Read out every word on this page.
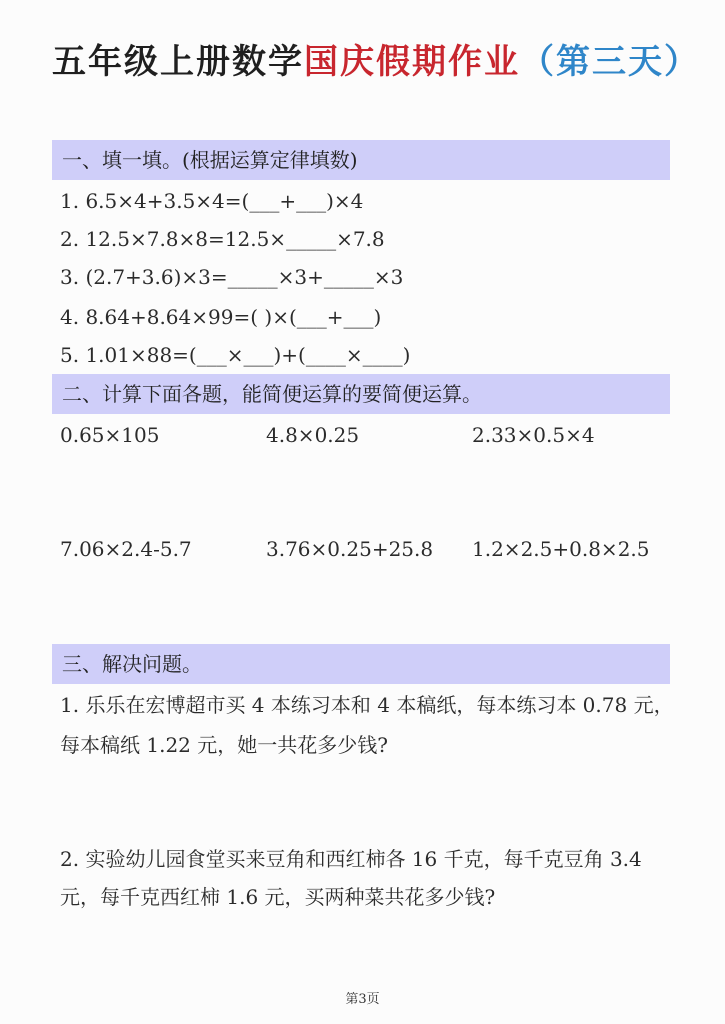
五年级上册数学国庆假期作业（第三天）
一、填一填。(根据运算定律填数)
1. 6.5×4+3.5×4=(___+___)×4
2. 12.5×7.8×8=12.5×_____×7.8
3. (2.7+3.6)×3=_____×3+_____×3
4. 8.64+8.64×99=( )×(___+___)
5. 1.01×88=(___×___)+(____×____)
二、计算下面各题，能简便运算的要简便运算。
0.65×105	4.8×0.25	2.33×0.5×4
7.06×2.4-5.7	3.76×0.25+25.8 1.2×2.5+0.8×2.5
三、解决问题。
1. 乐乐在宏博超市买 4 本练习本和 4 本稿纸，每本练习本 0.78 元，
每本稿纸 1.22 元，她一共花多少钱?
2. 实验幼儿园食堂买来豆角和西红柿各 16 千克，每千克豆角 3.4
元，每千克西红柿 1.6 元，买两种菜共花多少钱?
第3页
